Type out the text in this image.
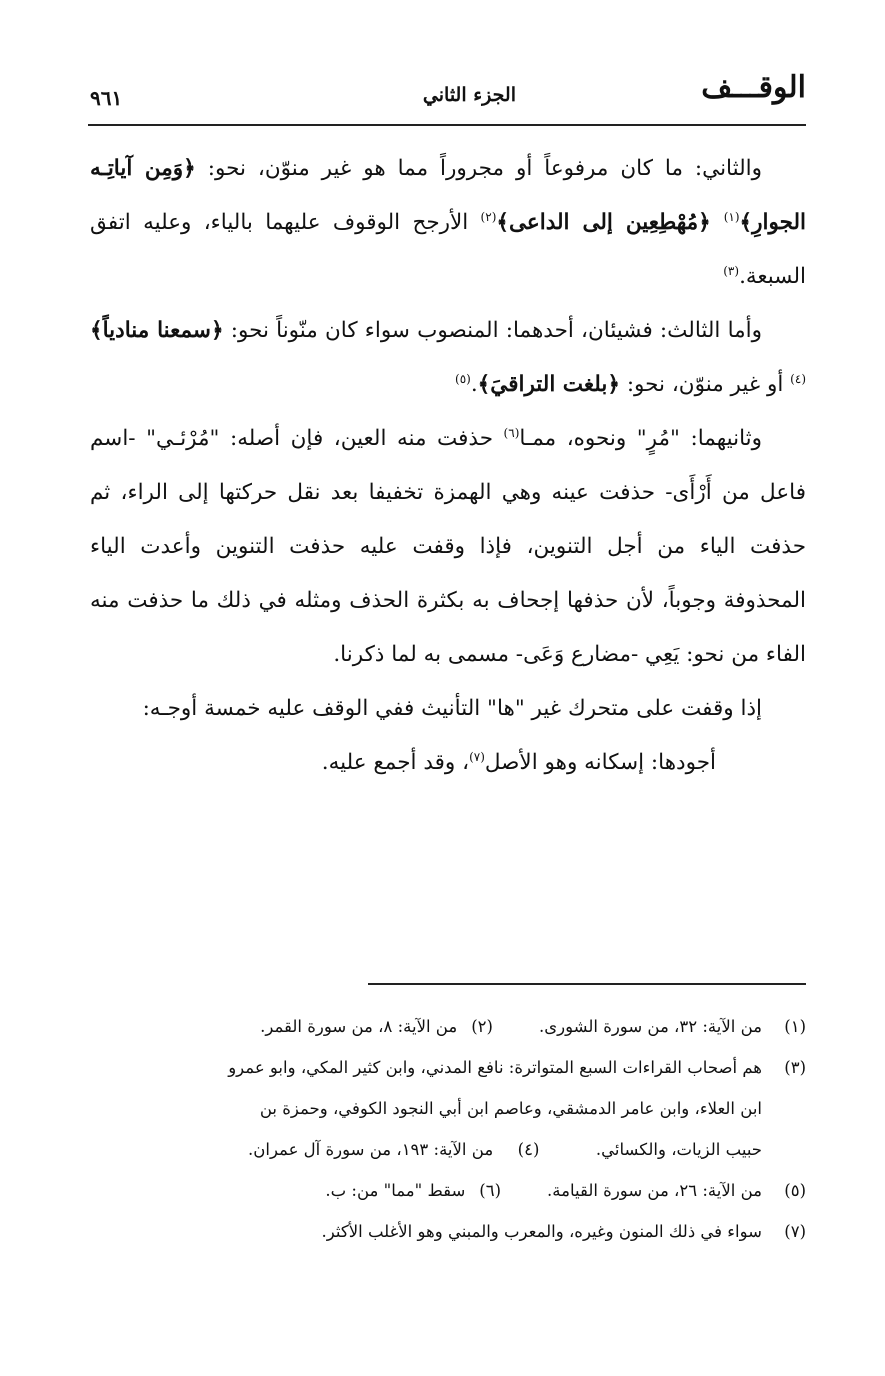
الوقـــف
الجزء الثاني
٩٦١

والثاني: ما كان مرفوعاً أو مجروراً مما هو غير منوّن، نحو: ﴿وَمِن آياتِـه الجوارِ﴾$^{(١)}$ ﴿مُهْطِعِين إلى الداعى﴾$^{(٢)}$ الأرجح الوقوف عليهما بالياء، وعليه اتفق السبعة.$^{(٣)}$

وأما الثالث: فشيئان، أحدهما: المنصوب سواء كان منّوناً نحو: ﴿سمعنا منادياً﴾$^{(٤)}$ أو غير منوّن، نحو: ﴿بلغت التراقيَ﴾.$^{(٥)}$

وثانيهما: "مُرٍ" ونحوه، ممـا$^{(٦)}$ حذفت منه العين، فإن أصله: "مُرْئـي" -اسم فاعل من أَرْأَى- حذفت عينه وهي الهمزة تخفيفا بعد نقل حركتها إلى الراء، ثم حذفت الياء من أجل التنوين، فإذا وقفت عليه حذفت التنوين وأعدت الياء المحذوفة وجوباً، لأن حذفها إجحاف به بكثرة الحذف ومثله في ذلك ما حذفت منه الفاء من نحو: يَعِي -مضارع وَعَى- مسمى به لما ذكرنا.

إذا وقفت على متحرك غير "ها" التأنيث ففي الوقف عليه خمسة أوجـه:

أجودها: إسكانه وهو الأصل$^{(٧)}$، وقد أجمع عليه.

(١)
من الآية: ٣٢، من سورة الشورى.
(٢)
من الآية: ٨، من سورة القمر.
(٣)
هم أصحاب القراءات السبع المتواترة: نافع المدني، وابن كثير المكي، وابو عمرو
ابن العلاء، وابن عامر الدمشقي، وعاصم ابن أبي النجود الكوفي، وحمزة بن
حبيب الزيات، والكسائي.  (٤)  من الآية: ١٩٣، من سورة آل عمران.
(٥)
من الآية: ٢٦، من سورة القيامة.
(٦)
سقط "مما" من: ب.
(٧)
سواء في ذلك المنون وغيره، والمعرب والمبني وهو الأغلب الأكثر.
